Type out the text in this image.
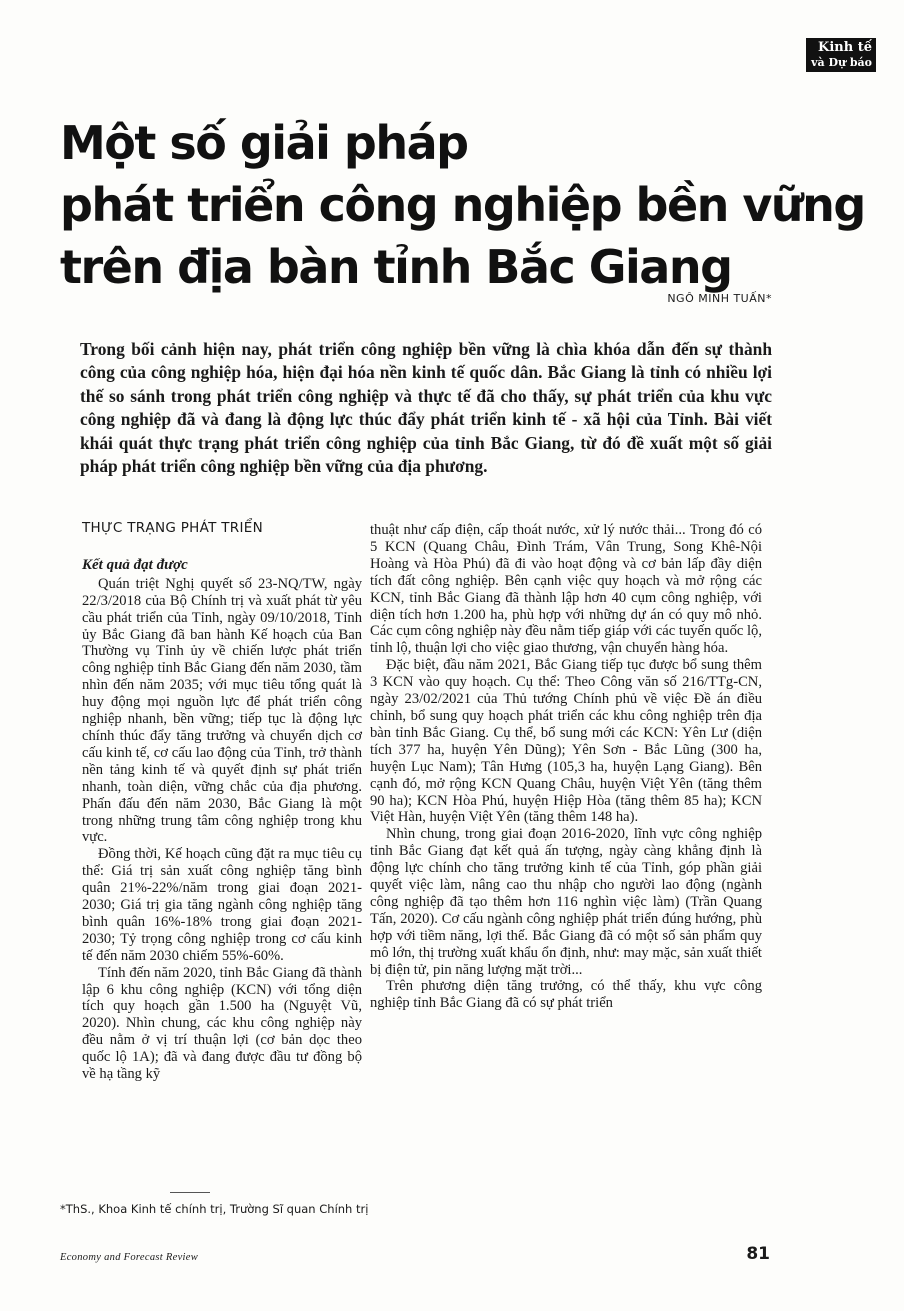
Kinh tế
và Dự báo
Một số giải pháp
phát triển công nghiệp bền vững
trên địa bàn tỉnh Bắc Giang
NGÔ MINH TUẤN*

Trong bối cảnh hiện nay, phát triển công nghiệp bền vững là chìa khóa dẫn đến sự thành công của công nghiệp hóa, hiện đại hóa nền kinh tế quốc dân. Bắc Giang là tỉnh có nhiều lợi thế so sánh trong phát triển công nghiệp và thực tế đã cho thấy, sự phát triển của khu vực công nghiệp đã và đang là động lực thúc đẩy phát triển kinh tế - xã hội của Tỉnh. Bài viết khái quát thực trạng phát triển công nghiệp của tỉnh Bắc Giang, từ đó đề xuất một số giải pháp phát triển công nghiệp bền vững của địa phương.

THỰC TRẠNG PHÁT TRIỂN
Kết quả đạt được

Quán triệt Nghị quyết số 23-NQ/TW, ngày 22/3/2018 của Bộ Chính trị và xuất phát từ yêu cầu phát triển của Tỉnh, ngày 09/10/2018, Tỉnh ủy Bắc Giang đã ban hành Kế hoạch của Ban Thường vụ Tỉnh ủy về chiến lược phát triển công nghiệp tỉnh Bắc Giang đến năm 2030, tầm nhìn đến năm 2035; với mục tiêu tổng quát là huy động mọi nguồn lực để phát triển công nghiệp nhanh, bền vững; tiếp tục là động lực chính thúc đẩy tăng trưởng và chuyển dịch cơ cấu kinh tế, cơ cấu lao động của Tỉnh, trở thành nền tảng kinh tế và quyết định sự phát triển nhanh, toàn diện, vững chắc của địa phương. Phấn đấu đến năm 2030, Bắc Giang là một trong những trung tâm công nghiệp trong khu vực.

Đồng thời, Kế hoạch cũng đặt ra mục tiêu cụ thể: Giá trị sản xuất công nghiệp tăng bình quân 21%-22%/năm trong giai đoạn 2021-2030; Giá trị gia tăng ngành công nghiệp tăng bình quân 16%-18% trong giai đoạn 2021-2030; Tỷ trọng công nghiệp trong cơ cấu kinh tế đến năm 2030 chiếm 55%-60%.

Tính đến năm 2020, tỉnh Bắc Giang đã thành lập 6 khu công nghiệp (KCN) với tổng diện tích quy hoạch gần 1.500 ha (Nguyệt Vũ, 2020). Nhìn chung, các khu công nghiệp này đều nằm ở vị trí thuận lợi (cơ bản dọc theo quốc lộ 1A); đã và đang được đầu tư đồng bộ về hạ tầng kỹ

thuật như cấp điện, cấp thoát nước, xử lý nước thải... Trong đó có 5 KCN (Quang Châu, Đình Trám, Vân Trung, Song Khê-Nội Hoàng và Hòa Phú) đã đi vào hoạt động và cơ bản lấp đầy diện tích đất công nghiệp. Bên cạnh việc quy hoạch và mở rộng các KCN, tỉnh Bắc Giang đã thành lập hơn 40 cụm công nghiệp, với diện tích hơn 1.200 ha, phù hợp với những dự án có quy mô nhỏ. Các cụm công nghiệp này đều nằm tiếp giáp với các tuyến quốc lộ, tỉnh lộ, thuận lợi cho việc giao thương, vận chuyển hàng hóa.

Đặc biệt, đầu năm 2021, Bắc Giang tiếp tục được bổ sung thêm 3 KCN vào quy hoạch. Cụ thể: Theo Công văn số 216/TTg-CN, ngày 23/02/2021 của Thủ tướng Chính phủ về việc Đề án điều chỉnh, bổ sung quy hoạch phát triển các khu công nghiệp trên địa bàn tỉnh Bắc Giang. Cụ thể, bổ sung mới các KCN: Yên Lư (diện tích 377 ha, huyện Yên Dũng); Yên Sơn - Bắc Lũng (300 ha, huyện Lục Nam); Tân Hưng (105,3 ha, huyện Lạng Giang). Bên cạnh đó, mở rộng KCN Quang Châu, huyện Việt Yên (tăng thêm 90 ha); KCN Hòa Phú, huyện Hiệp Hòa (tăng thêm 85 ha); KCN Việt Hàn, huyện Việt Yên (tăng thêm 148 ha).

Nhìn chung, trong giai đoạn 2016-2020, lĩnh vực công nghiệp tỉnh Bắc Giang đạt kết quả ấn tượng, ngày càng khẳng định là động lực chính cho tăng trưởng kinh tế của Tỉnh, góp phần giải quyết việc làm, nâng cao thu nhập cho người lao động (ngành công nghiệp đã tạo thêm hơn 116 nghìn việc làm) (Trần Quang Tấn, 2020). Cơ cấu ngành công nghiệp phát triển đúng hướng, phù hợp với tiềm năng, lợi thế. Bắc Giang đã có một số sản phẩm quy mô lớn, thị trường xuất khẩu ổn định, như: may mặc, sản xuất thiết bị điện tử, pin năng lượng mặt trời...

Trên phương diện tăng trưởng, có thể thấy, khu vực công nghiệp tỉnh Bắc Giang đã có sự phát triển

*ThS., Khoa Kinh tế chính trị, Trường Sĩ quan Chính trị
Economy and Forecast Review	81
